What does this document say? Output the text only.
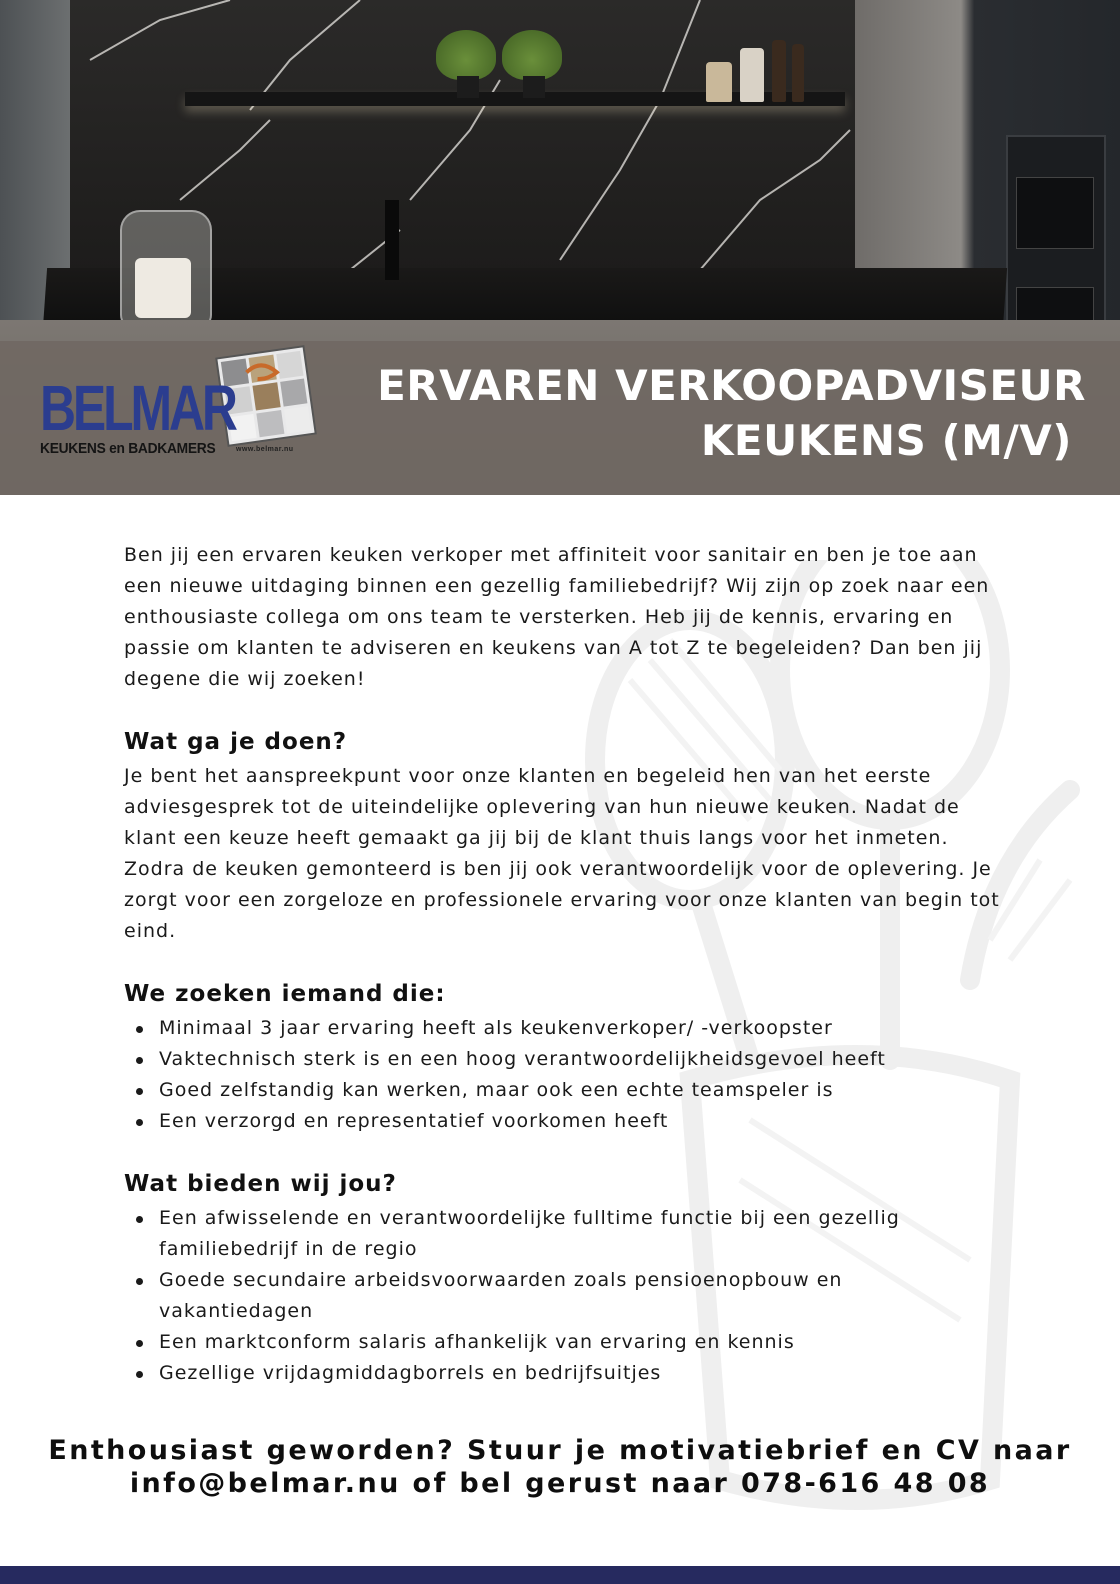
BELMAR
KEUKENS en BADKAMERS	www.belmar.nu
ERVAREN VERKOOPADVISEUR
KEUKENS (M/V)

Ben jij een ervaren keuken verkoper met affiniteit voor sanitair en ben je toe aan een nieuwe uitdaging binnen een gezellig familiebedrijf? Wij zijn op zoek naar een enthousiaste collega om ons team te versterken. Heb jij de kennis, ervaring en passie om klanten te adviseren en keukens van A tot Z te begeleiden? Dan ben jij degene die wij zoeken!

Wat ga je doen?

Je bent het aanspreekpunt voor onze klanten en begeleid hen van het eerste adviesgesprek tot de uiteindelijke oplevering van hun nieuwe keuken. Nadat de klant een keuze heeft gemaakt ga jij bij de klant thuis langs voor het inmeten. Zodra de keuken gemonteerd is ben jij ook verantwoordelijk voor de oplevering. Je zorgt voor een zorgeloze en professionele ervaring voor onze klanten van begin tot eind.

We zoeken iemand die:
Minimaal 3 jaar ervaring heeft als keukenverkoper/ -verkoopster
Vaktechnisch sterk is en een hoog verantwoordelijkheidsgevoel heeft
Goed zelfstandig kan werken, maar ook een echte teamspeler is
Een verzorgd en representatief voorkomen heeft
Wat bieden wij jou?
Een afwisselende en verantwoordelijke fulltime functie bij een gezellig familiebedrijf in de regio
Goede secundaire arbeidsvoorwaarden zoals pensioenopbouw en vakantiedagen
Een marktconform salaris afhankelijk van ervaring en kennis
Gezellige vrijdagmiddagborrels en bedrijfsuitjes
Enthousiast geworden? Stuur je motivatiebrief en CV naar
info@belmar.nu of bel gerust naar 078-616 48 08
